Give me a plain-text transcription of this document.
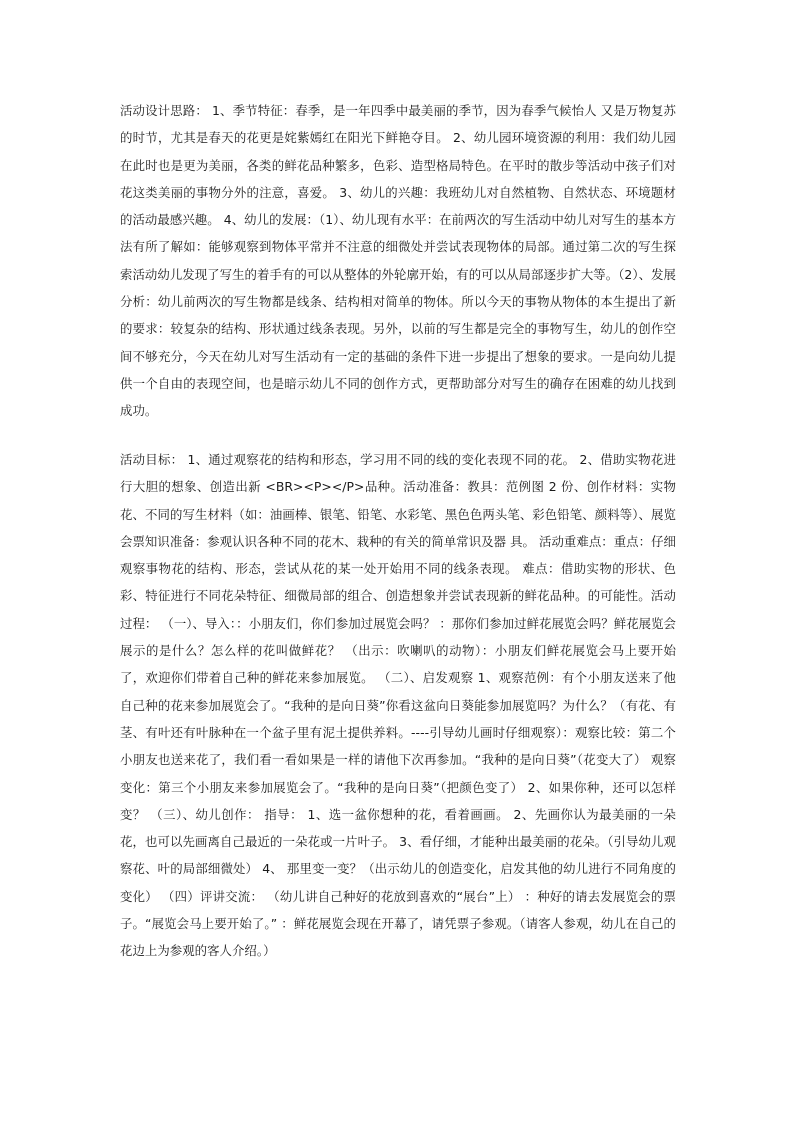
活动设计思路： 1、季节特征：春季，是一年四季中最美丽的季节，因为春季气候怡人 又是万物复苏的时节，尤其是春天的花更是姹紫嫣红在阳光下鲜艳夺目。 2、幼儿园环境资源的利用：我们幼儿园在此时也是更为美丽，各类的鲜花品种繁多，色彩、造型格局特色。在平时的散步等活动中孩子们对花这类美丽的事物分外的注意，喜爱。 3、幼儿的兴趣：我班幼儿对自然植物、自然状态、环境题材的活动最感兴趣。 4、幼儿的发展：（1）、幼儿现有水平：在前两次的写生活动中幼儿对写生的基本方法有所了解如：能够观察到物体平常并不注意的细微处并尝试表现物体的局部。通过第二次的写生探索活动幼儿发现了写生的着手有的可以从整体的外轮廓开始，有的可以从局部逐步扩大等。（2）、发展分析：幼儿前两次的写生物都是线条、结构相对简单的物体。所以今天的事物从物体的本生提出了新的要求：较复杂的结构、形状通过线条表现。另外，以前的写生都是完全的事物写生，幼儿的创作空间不够充分，今天在幼儿对写生活动有一定的基础的条件下进一步提出了想象的要求。一是向幼儿提供一个自由的表现空间，也是暗示幼儿不同的创作方式，更帮助部分对写生的确存在困难的幼儿找到成功。

活动目标： 1、通过观察花的结构和形态，学习用不同的线的变化表现不同的花。 2、借助实物花进行大胆的想象、创造出新 <BR><P></P>品种。活动准备：教具：范例图 2 份、创作材料：实物花、不同的写生材料（如：油画棒、银笔、铅笔、水彩笔、黑色色两头笔、彩色铅笔、颜料等）、展览会票知识准备：参观认识各种不同的花木、栽种的有关的简单常识及器 具。 活动重难点：重点：仔细观察事物花的结构、形态，尝试从花的某一处开始用不同的线条表现。 难点：借助实物的形状、色彩、特征进行不同花朵特征、细微局部的组合、创造想象并尝试表现新的鲜花品种。的可能性。活动过程： （一）、导入：：小朋友们，你们参加过展览会吗？ ：那你们参加过鲜花展览会吗？鲜花展览会展示的是什么？怎么样的花叫做鲜花？ （出示：吹喇叭的动物）：小朋友们鲜花展览会马上要开始了，欢迎你们带着自己种的鲜花来参加展览。 （二）、启发观察 1、观察范例：有个小朋友送来了他自己种的花来参加展览会了。“我种的是向日葵”你看这盆向日葵能参加展览吗？为什么？（有花、有茎、有叶还有叶脉种在一个盆子里有泥土提供养料。----引导幼儿画时仔细观察）：观察比较：第二个小朋友也送来花了，我们看一看如果是一样的请他下次再参加。“我种的是向日葵”（花变大了） 观察变化：第三个小朋友来参加展览会了。“我种的是向日葵”（把颜色变了） 2、如果你种，还可以怎样变？ （三）、幼儿创作： 指导： 1、选一盆你想种的花，看着画画。 2、先画你认为最美丽的一朵花，也可以先画离自己最近的一朵花或一片叶子。 3、看仔细，才能种出最美丽的花朵。（引导幼儿观察花、叶的局部细微处） 4、 那里变一变？（出示幼儿的创造变化，启发其他的幼儿进行不同角度的变化） （四）评讲交流： （幼儿讲自己种好的花放到喜欢的“展台”上） ：种好的请去发展览会的票子。“展览会马上要开始了。” ：鲜花展览会现在开幕了，请凭票子参观。（请客人参观，幼儿在自己的花边上为参观的客人介绍。）
